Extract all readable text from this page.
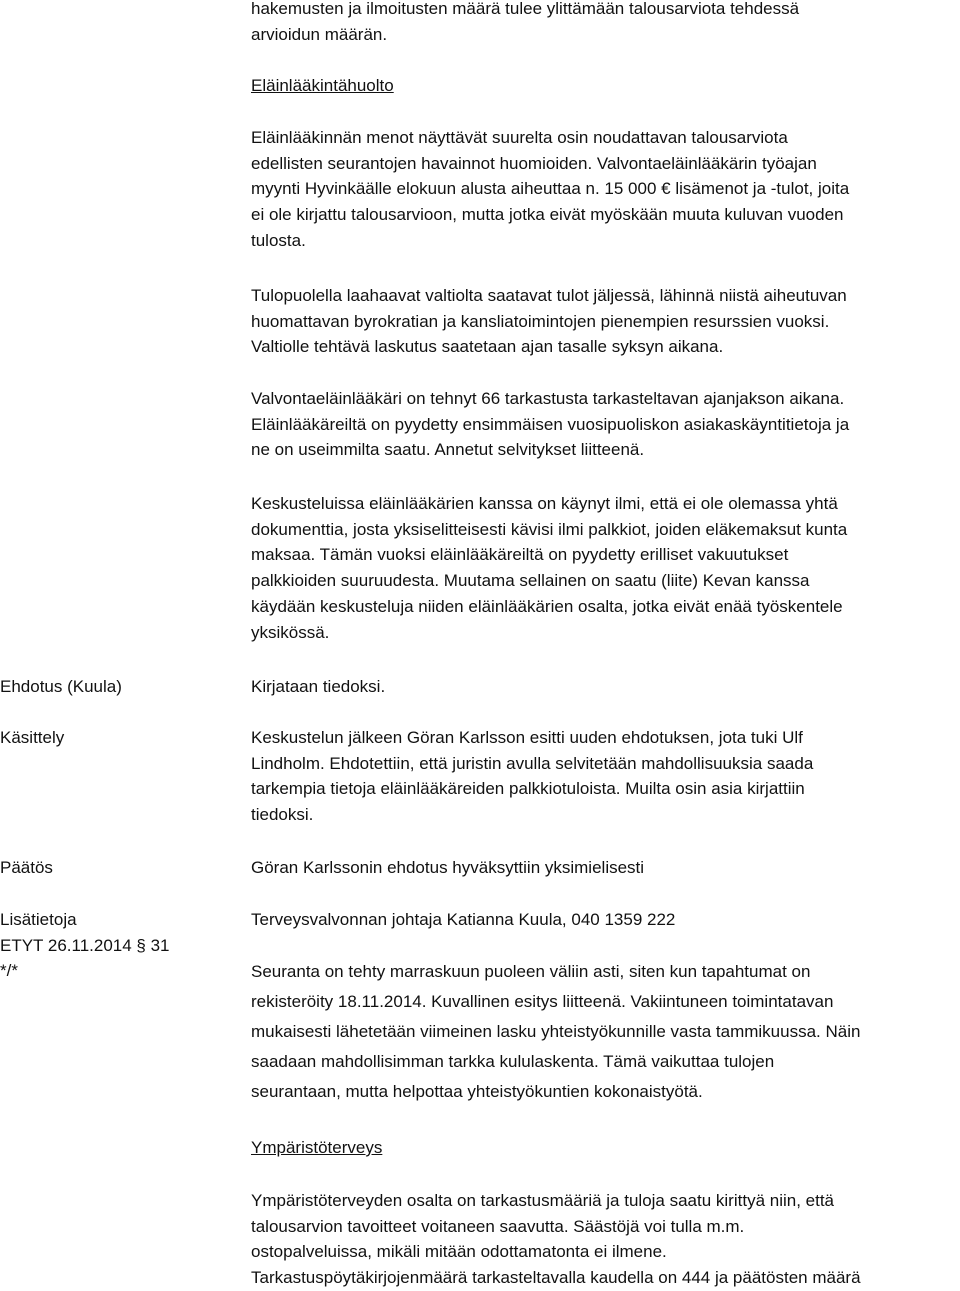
hakemusten ja ilmoitusten määrä tulee ylittämään talousarviota tehdessä
arvioidun määrän.
Eläinlääkintähuolto
Eläinlääkinnän menot näyttävät suurelta osin noudattavan talousarviota
edellisten seurantojen havainnot huomioiden. Valvontaeläinlääkärin työajan
myynti Hyvinkäälle elokuun alusta aiheuttaa n. 15 000 € lisämenot ja -tulot, joita
ei ole kirjattu talousarvioon, mutta jotka eivät myöskään muuta kuluvan vuoden
tulosta.
Tulopuolella laahaavat valtiolta saatavat tulot jäljessä, lähinnä niistä aiheutuvan
huomattavan byrokratian ja kansliatoimintojen pienempien resurssien vuoksi.
Valtiolle tehtävä laskutus saatetaan ajan tasalle syksyn aikana.
Valvontaeläinlääkäri on tehnyt 66 tarkastusta tarkasteltavan ajanjakson aikana.
Eläinlääkäreiltä on pyydetty ensimmäisen vuosipuoliskon asiakaskäyntitietoja ja
ne on useimmilta saatu. Annetut selvitykset liitteenä.
Keskusteluissa eläinlääkärien kanssa on käynyt ilmi, että ei ole olemassa yhtä
dokumenttia, josta yksiselitteisesti kävisi ilmi palkkiot, joiden eläkemaksut kunta
maksaa. Tämän vuoksi eläinlääkäreiltä on pyydetty erilliset vakuutukset
palkkioiden suuruudesta. Muutama sellainen on saatu (liite) Kevan kanssa
käydään keskusteluja niiden eläinlääkärien osalta, jotka eivät enää työskentele
yksikössä.
Ehdotus (Kuula)
Käsittely
Päätös
Lisätietoja
ETYT 26.11.2014 § 31
*/*
Kirjataan tiedoksi.
Keskustelun jälkeen Göran Karlsson esitti uuden ehdotuksen, jota tuki Ulf
Lindholm. Ehdotettiin, että juristin avulla selvitetään mahdollisuuksia saada
tarkempia tietoja eläinlääkäreiden palkkiotuloista. Muilta osin asia kirjattiin
tiedoksi.
Göran Karlssonin ehdotus hyväksyttiin yksimielisesti
Terveysvalvonnan johtaja Katianna Kuula, 040 1359 222
Seuranta on tehty marraskuun puoleen väliin asti, siten kun tapahtumat on
rekisteröity 18.11.2014. Kuvallinen esitys liitteenä. Vakiintuneen toimintatavan
mukaisesti lähetetään viimeinen lasku yhteistyökunnille vasta tammikuussa. Näin
saadaan mahdollisimman tarkka kululaskenta. Tämä vaikuttaa tulojen
seurantaan, mutta helpottaa yhteistyökuntien kokonaistyötä.
Ympäristöterveys
Ympäristöterveyden osalta on tarkastusmääriä ja tuloja saatu kirittyä niin, että
talousarvion tavoitteet voitaneen saavutta. Säästöjä voi tulla m.m.
ostopalveluissa, mikäli mitään odottamatonta ei ilmene.
Tarkastuspöytäkirjojenmäärä tarkasteltavalla kaudella on 444 ja päätösten määrä
